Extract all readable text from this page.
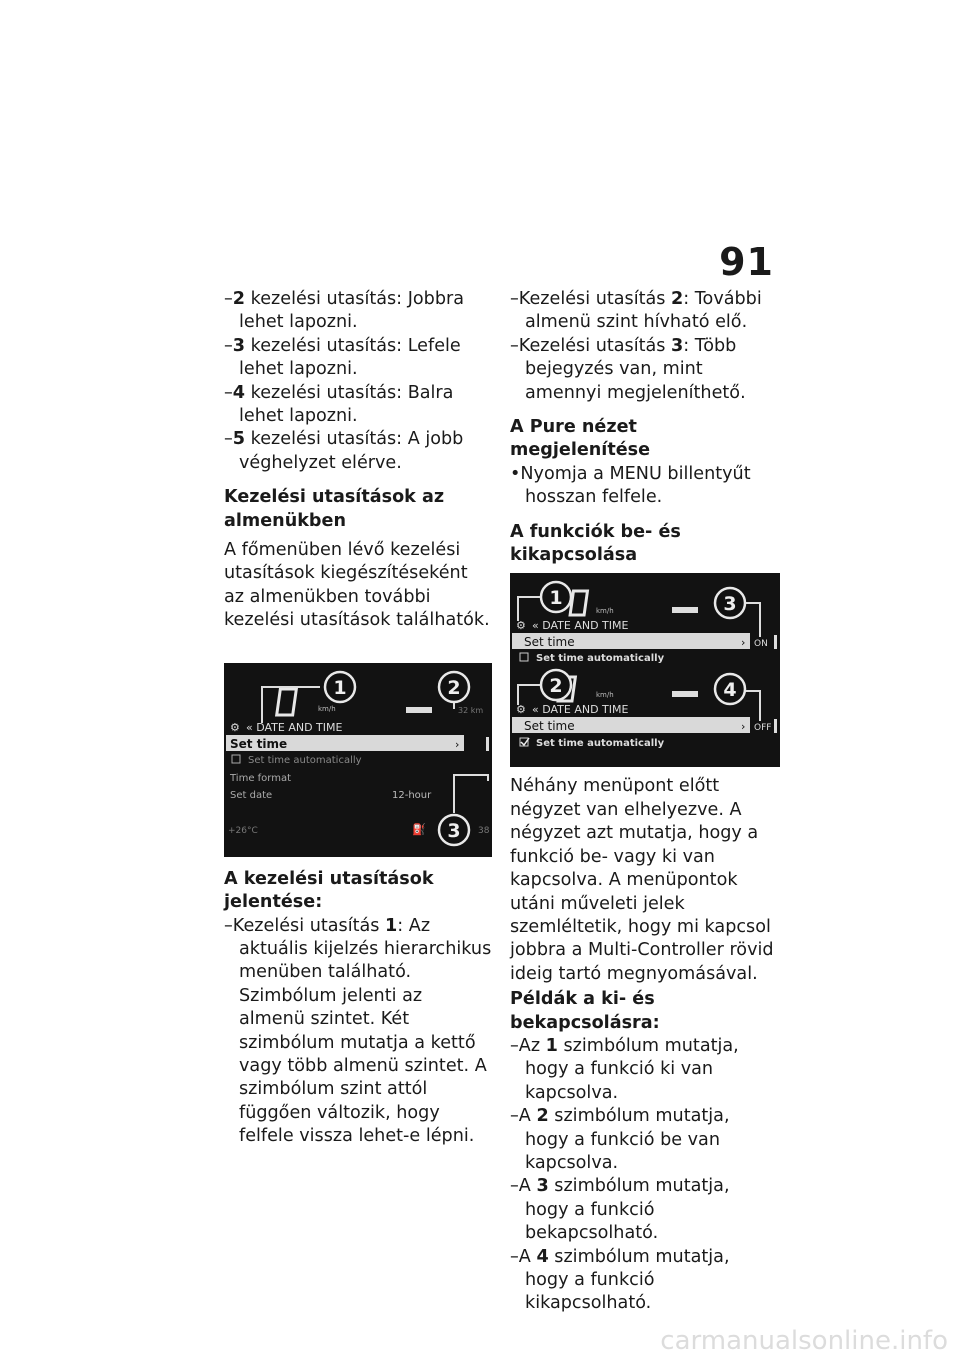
91
–2 kezelési utasítás: Jobbra lehet lapozni.
–3 kezelési utasítás: Lefele lehet lapozni.
–4 kezelési utasítás: Balra lehet lapozni.
–5 kezelési utasítás: A jobb véghelyzet elérve.
Kezelési utasítások az almenükben
A főmenüben lévő kezelési utasítások kiegészítéseként az almenükben további kezelési utasítások találhatók.
km/h	32 km
⚙ « DATE AND TIME
Set time	›
Set time automatically
Time format
Set date	12-hour
+26°C	⛽	38
1	2
3
A kezelési utasítások jelentése:
–Kezelési utasítás 1: Az aktuális kijelzés hierarchikus menüben található. Szimbólum jelenti az almenü szintet. Két szimbólum mutatja a kettő vagy több almenü szintet. A szimbólum szint attól függően változik, hogy felfele vissza lehet-e lépni.
–Kezelési utasítás 2: További almenü szint hívható elő.
–Kezelési utasítás 3: Több bejegyzés van, mint amennyi megjeleníthető.
A Pure nézet megjelenítése
•Nyomja a MENU billentyűt hosszan felfele.
A funkciók be- és kikapcsolása
km/h
⚙ « DATE AND TIME
Set time	› ON
Set time automatically
km/h
⚙ « DATE AND TIME
Set time	› OFF
Set time automatically
1	3
2	4
Néhány menüpont előtt négyzet van elhelyezve. A négyzet azt mutatja, hogy a funkció be- vagy ki van kapcsolva. A menüpontok utáni műveleti jelek szemléltetik, hogy mi kapcsol jobbra a Multi-Controller rövid ideig tartó megnyomásával.
Példák a ki- és bekapcsolásra:
–Az 1 szimbólum mutatja, hogy a funkció ki van kapcsolva.
–A 2 szimbólum mutatja, hogy a funkció be van kapcsolva.
–A 3 szimbólum mutatja, hogy a funkció bekapcsolható.
–A 4 szimbólum mutatja, hogy a funkció kikapcsolható.
carmanualsonline.info
